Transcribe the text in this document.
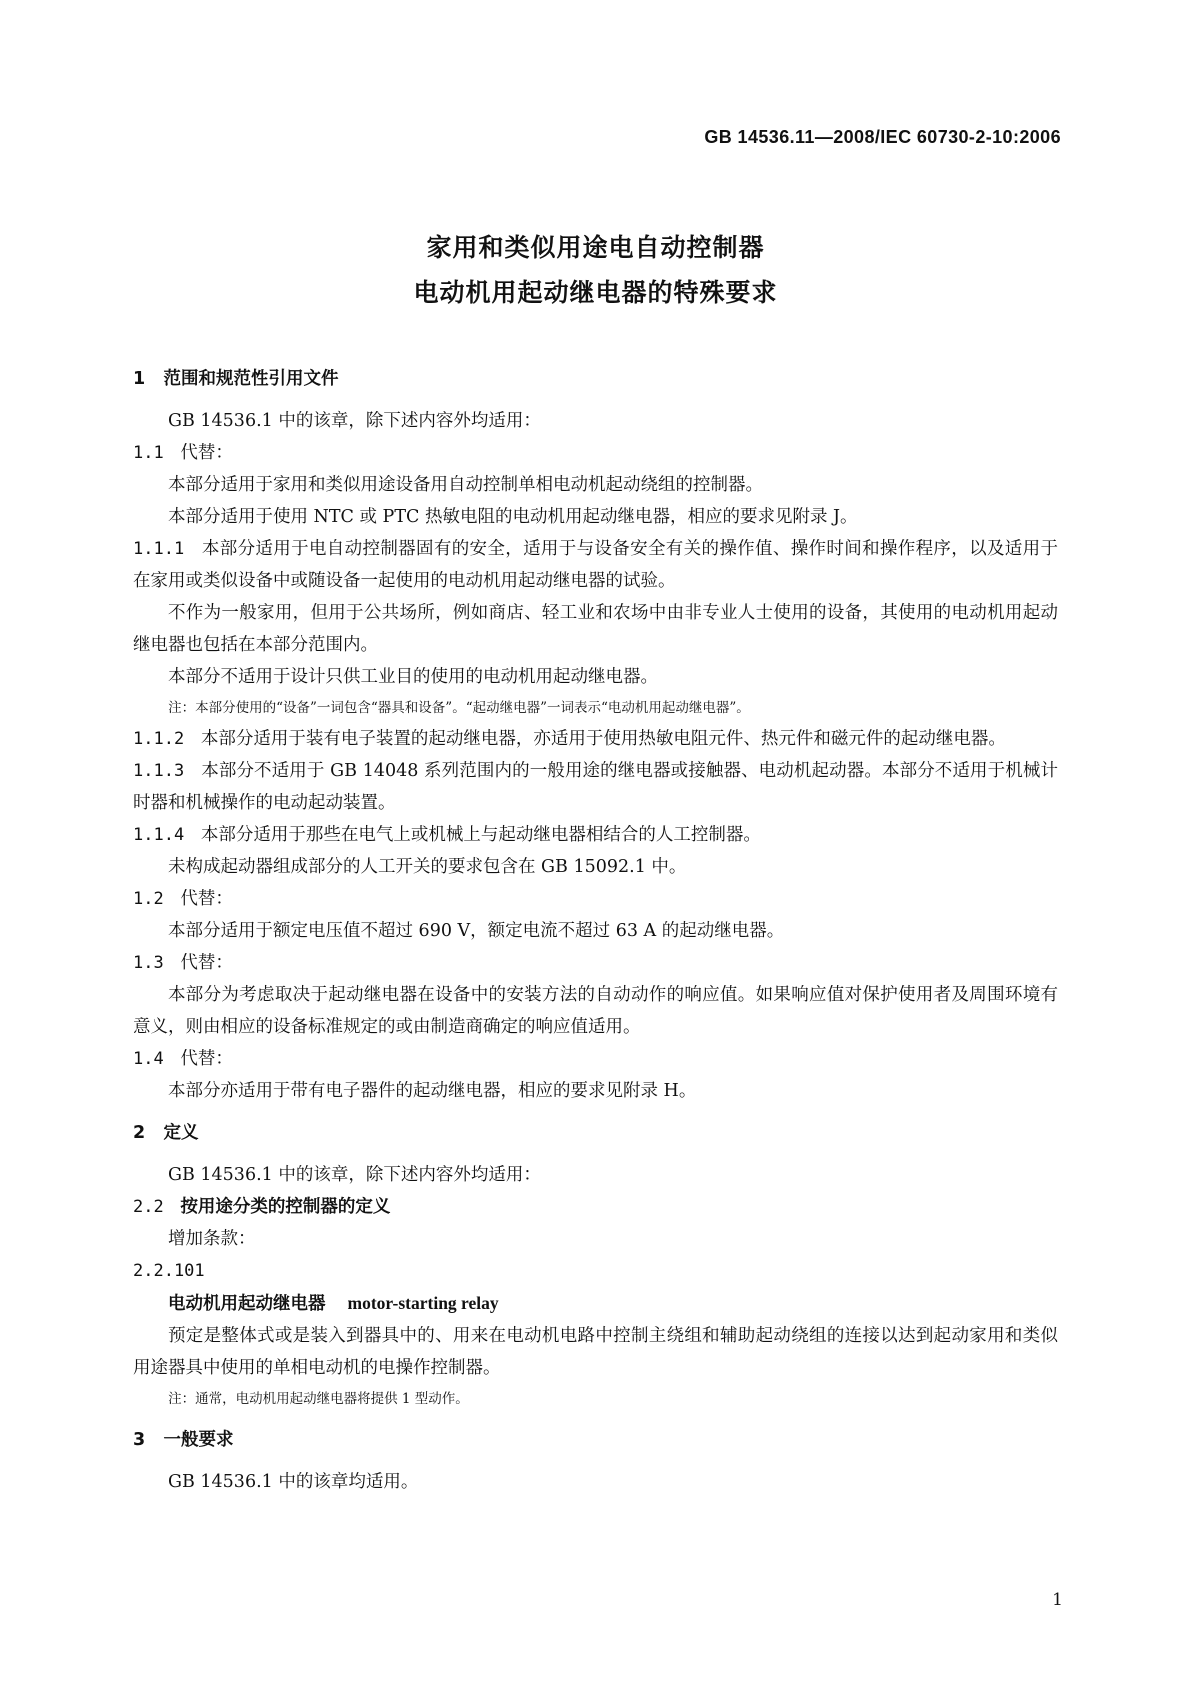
GB 14536.11—2008/IEC 60730-2-10:2006
家用和类似用途电自动控制器
电动机用起动继电器的特殊要求

1 范围和规范性引用文件

GB 14536.1 中的该章，除下述内容外均适用：

1.1 代替：

本部分适用于家用和类似用途设备用自动控制单相电动机起动绕组的控制器。

本部分适用于使用 NTC 或 PTC 热敏电阻的电动机用起动继电器，相应的要求见附录 J。

1.1.1 本部分适用于电自动控制器固有的安全，适用于与设备安全有关的操作值、操作时间和操作程序，以及适用于在家用或类似设备中或随设备一起使用的电动机用起动继电器的试验。

不作为一般家用，但用于公共场所，例如商店、轻工业和农场中由非专业人士使用的设备，其使用的电动机用起动继电器也包括在本部分范围内。

本部分不适用于设计只供工业目的使用的电动机用起动继电器。

注：本部分使用的“设备”一词包含“器具和设备”。“起动继电器”一词表示“电动机用起动继电器”。

1.1.2 本部分适用于装有电子装置的起动继电器，亦适用于使用热敏电阻元件、热元件和磁元件的起动继电器。

1.1.3 本部分不适用于 GB 14048 系列范围内的一般用途的继电器或接触器、电动机起动器。本部分不适用于机械计时器和机械操作的电动起动装置。

1.1.4 本部分适用于那些在电气上或机械上与起动继电器相结合的人工控制器。

未构成起动器组成部分的人工开关的要求包含在 GB 15092.1 中。

1.2 代替：

本部分适用于额定电压值不超过 690 V，额定电流不超过 63 A 的起动继电器。

1.3 代替：

本部分为考虑取决于起动继电器在设备中的安装方法的自动动作的响应值。如果响应值对保护使用者及周围环境有意义，则由相应的设备标准规定的或由制造商确定的响应值适用。

1.4 代替：

本部分亦适用于带有电子器件的起动继电器，相应的要求见附录 H。

2 定义

GB 14536.1 中的该章，除下述内容外均适用：

2.2 按用途分类的控制器的定义

增加条款：

2.2.101

电动机用起动继电器 motor-starting relay

预定是整体式或是装入到器具中的、用来在电动机电路中控制主绕组和辅助起动绕组的连接以达到起动家用和类似用途器具中使用的单相电动机的电操作控制器。

注：通常，电动机用起动继电器将提供 1 型动作。

3 一般要求

GB 14536.1 中的该章均适用。

1
